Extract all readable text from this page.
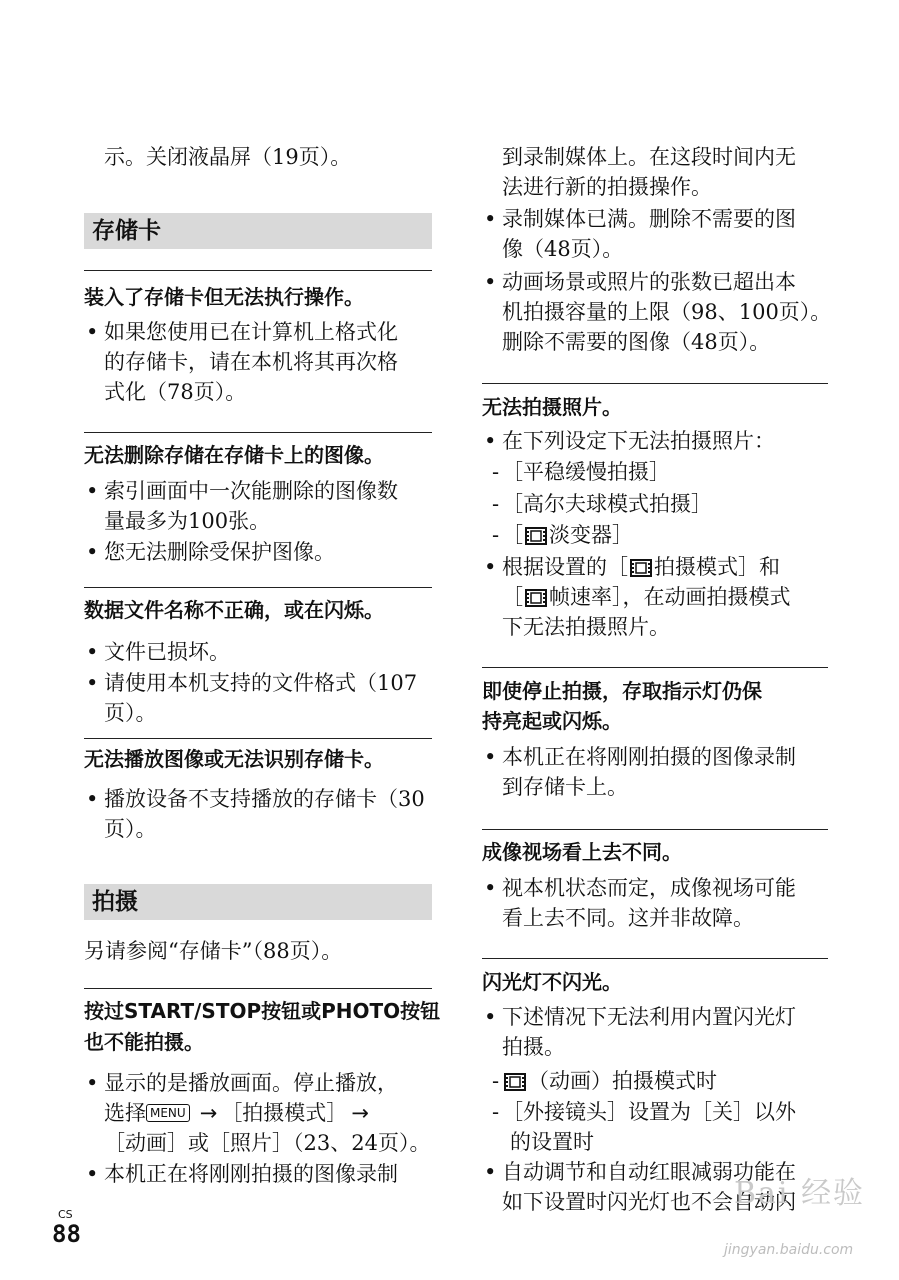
示。关闭液晶屏（19页）。
存储卡
装入了存储卡但无法执行操作。
• 如果您使用已在计算机上格式化
的存储卡，请在本机将其再次格
式化（78页）。
无法删除存储在存储卡上的图像。
• 索引画面中一次能删除的图像数
量最多为100张。
• 您无法删除受保护图像。
数据文件名称不正确，或在闪烁。
• 文件已损坏。
• 请使用本机支持的文件格式（107
页）。
无法播放图像或无法识别存储卡。
• 播放设备不支持播放的存储卡（30
页）。
拍摄
另请参阅“存储卡”（88页）。
按过START/STOP按钮或PHOTO按钮
也不能拍摄。
• 显示的是播放画面。停止播放，
选择 MENU → ［拍摄模式］ →
［动画］或［照片］（23、24页）。
• 本机正在将刚刚拍摄的图像录制
到录制媒体上。在这段时间内无
法进行新的拍摄操作。
• 录制媒体已满。删除不需要的图
像（48页）。
• 动画场景或照片的张数已超出本
机拍摄容量的上限（98、100页）。
删除不需要的图像（48页）。
无法拍摄照片。
• 在下列设定下无法拍摄照片：
- ［平稳缓慢拍摄］
- ［高尔夫球模式拍摄］
- ［ 淡变器］
• 根据设置的［ 拍摄模式］和
［ 帧速率］，在动画拍摄模式
下无法拍摄照片。
即使停止拍摄，存取指示灯仍保
持亮起或闪烁。
• 本机正在将刚刚拍摄的图像录制
到存储卡上。
成像视场看上去不同。
• 视本机状态而定，成像视场可能
看上去不同。这并非故障。
闪光灯不闪光。
• 下述情况下无法利用内置闪光灯
拍摄。
-	（动画）拍摄模式时
- ［外接镜头］设置为［关］以外
的设置时
• 自动调节和自动红眼减弱功能在
如下设置时闪光灯也不会自动闪
CS
88
Bai 经验
jingyan.baidu.com
